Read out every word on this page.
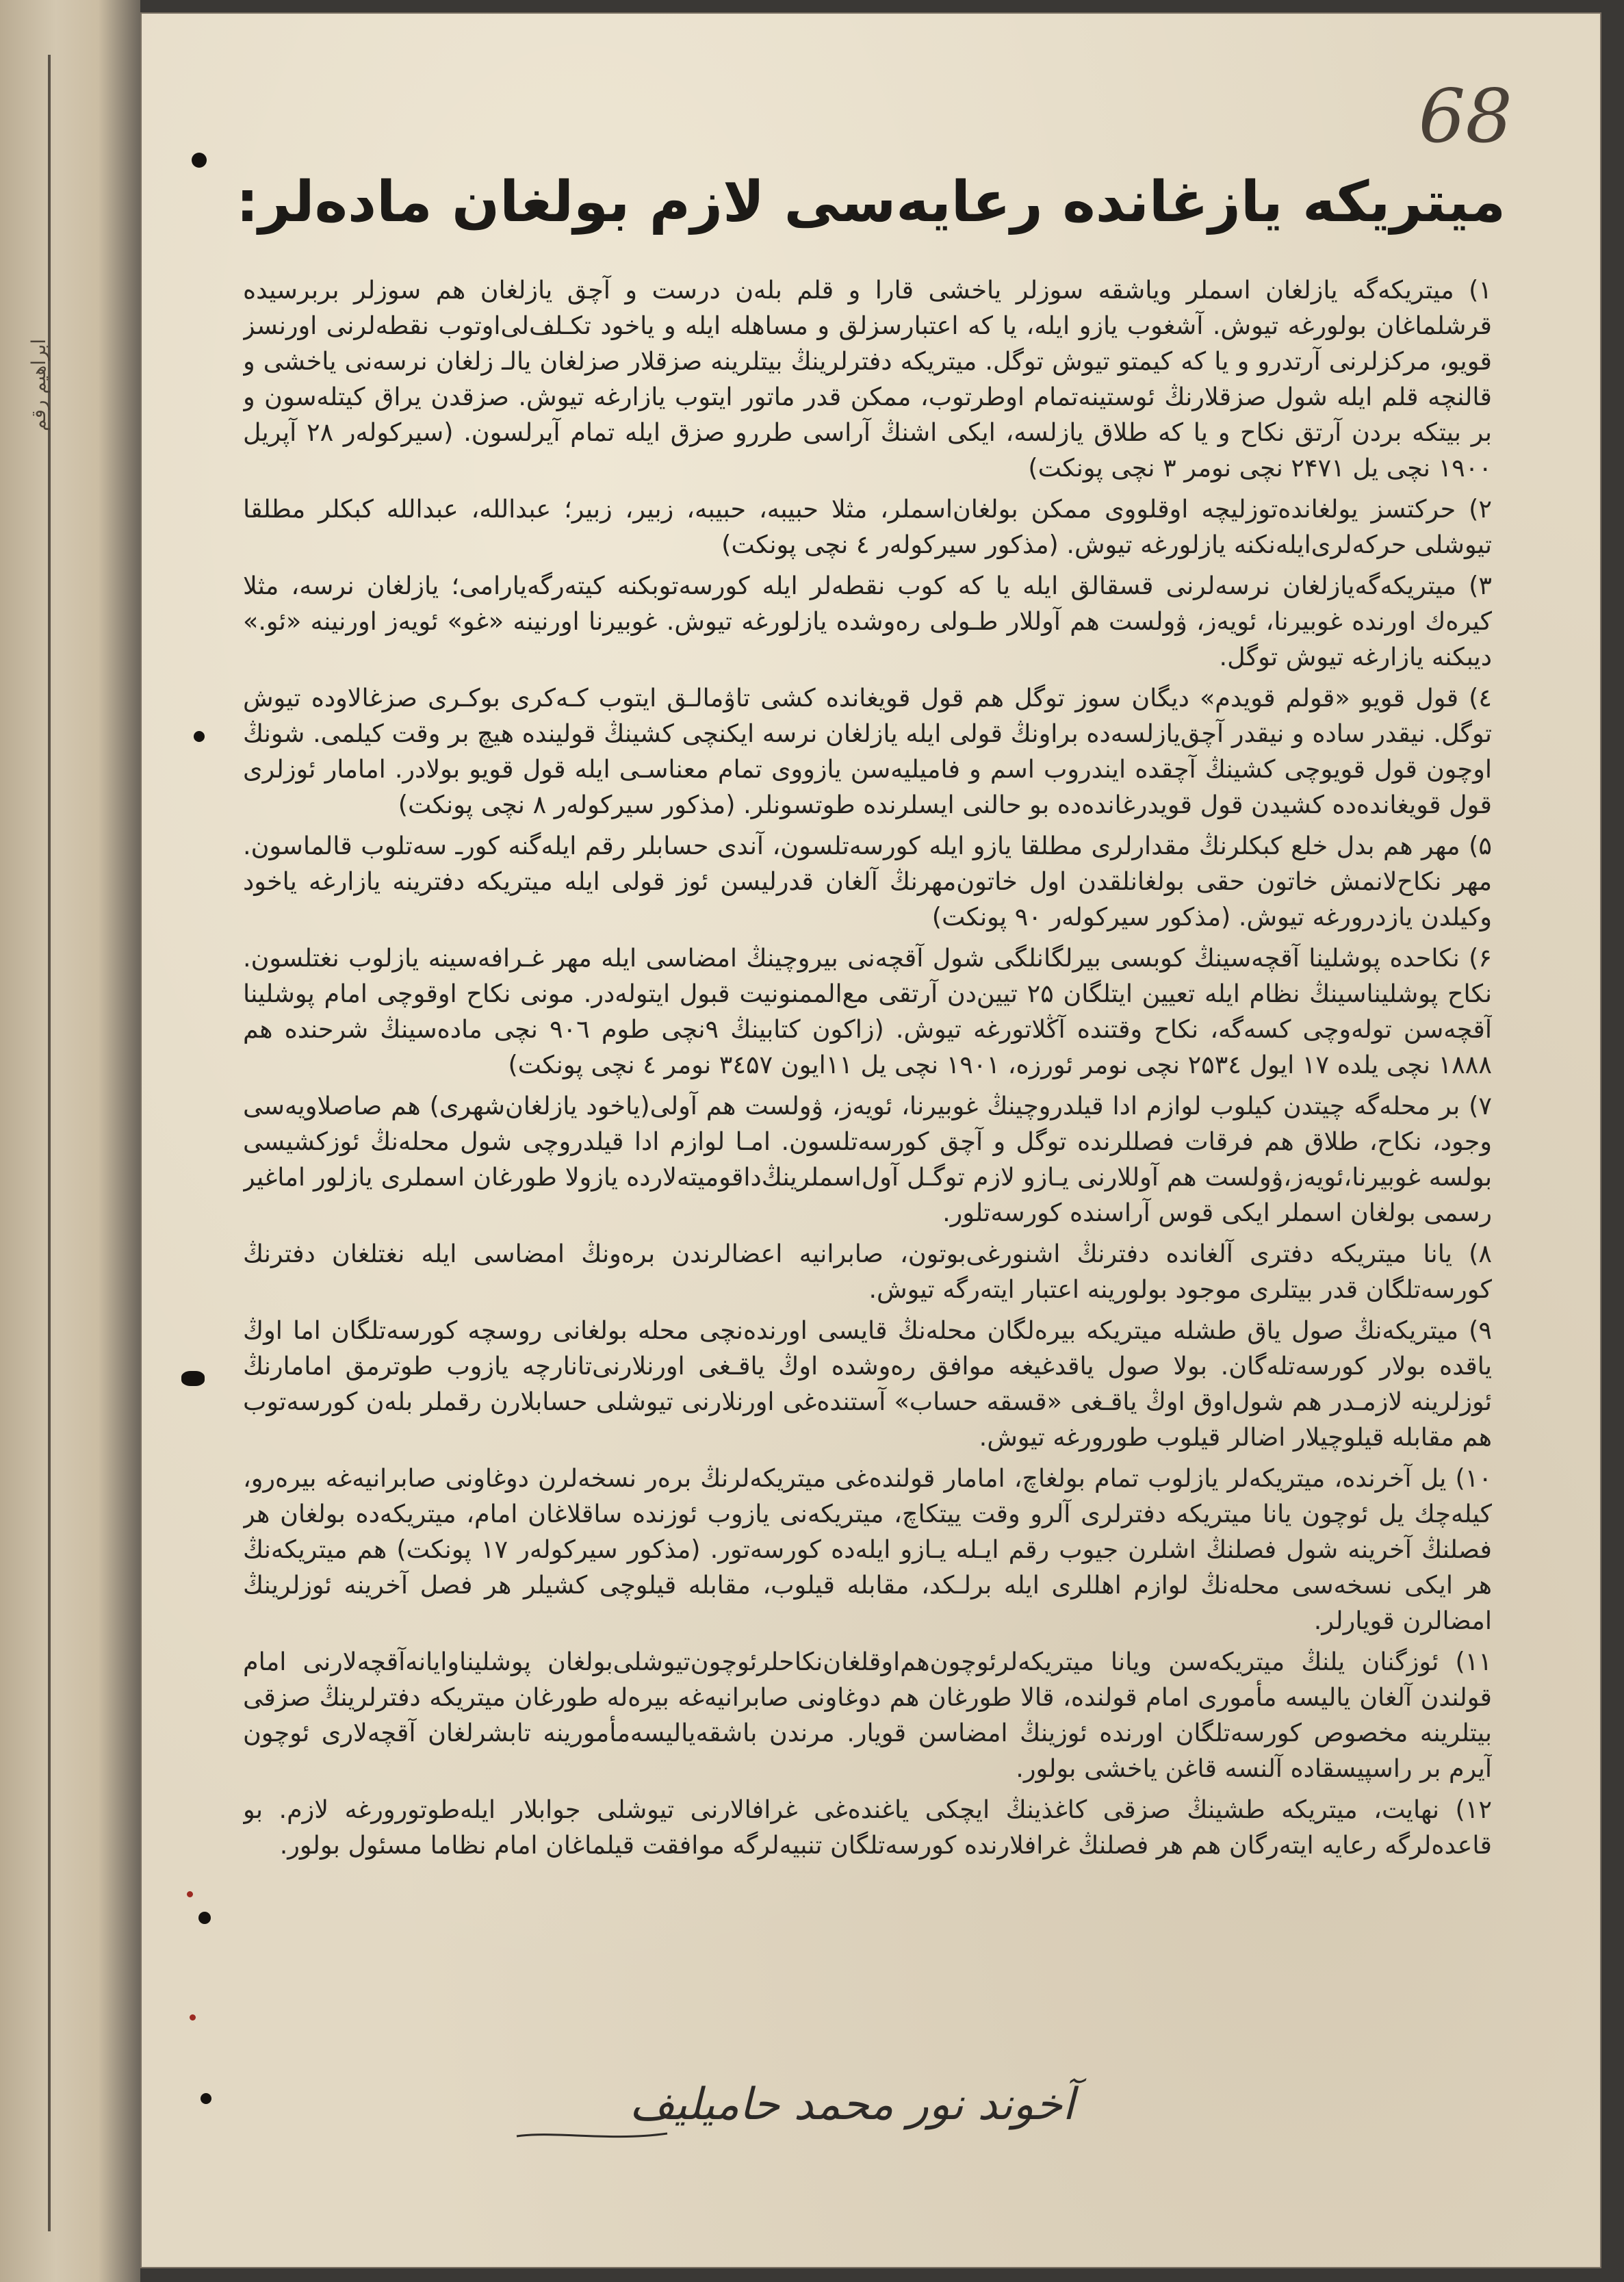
ابراهیم رقم
68
میتریکه یازغانده رعایه‌سی لازم بولغان ماده‌لر:

۱) میتریکه‌گه یازلغان اسملر ویاشقه سوزلر یاخشی قارا و قلم بله‌ن درست و آچق یازلغان هم سوزلر بر‌بر‌سیده قرشلماغان بولورغه تیوش. آشغوب یازو ایله، یا که اعتبار‌سزلق و مساهله ایله و یاخود تکـلف‌لی‌اوتوب نقطه‌لرنی اورنسز قویو، مرکزلرنی آرتدرو و یا که کیمتو تیوش توگل. میتریکه دفترلرینڭ بیتلرینه صزقلار صزلغان یالـ زلغان نرسه‌نی یاخشی و قالنچه قلم ایله شول صزقلارنڭ ئوستینه‌تمام ‌اوطرتوب، ممکن قدر ماتور ایتوب یازارغه تیوش. صزقدن یراق کیتله‌سون و بر بیتکه بردن آرتق نکاح و یا که طلاق یازلسه، ایکی اشنڭ آراسی طررو صزق ایله تمام آیرلسون. (سیرکوله‌ر ۲۸ آپریل ۱۹۰۰ نچی یل ۲۴۷۱ نچی نومر ۳ نچی پونکت)

۲) حرکتسز یولغانده‌توزلیچه اوقلووی ممکن بولغان‌اسملر، مثلا حبیبه، حبیبه، زبیر، زبیر؛ عبدالله، عبدالله کبکلر مطلقا تیوشلی حرکه‌لری‌ایله‌نکنه یازلورغه تیوش. (مذکور سیرکوله‌ر ٤ نچی پونکت)

۳) میتریکه‌گه‌یازلغان نرسه‌لرنی قسقالق ایله یا که کوب نقطه‌لر ایله کورسه‌توبکنه کیته‌رگه‌یارامی؛ یازلغان نرسه، مثلا کیرەك اورنده غوبیرنا، ئویەز، ۋولست هم آوللار طـولی رەوشدە یازلورغە تیوش. غوبیرنا اورنینە «غو» ئویەز اورنینە «ئو.» دیبکنە یازارغە تیوش توگل.

٤) قول قویو «قولم قویدم» دیگان سوز توگل هم قول قویغانده کشی تاۋمالـق ایتوب کـەکری بوکـری صزغالاودە تیوش توگل. نیقدر سادە و نیقدر آچق‌یازلسەدە براونڭ قولی ایلە یازلغان نرسە ایکنچی کشینڭ قولیندە هیچ بر وقت کیلمی. شونڭ اوچون قول قویوچی کشینڭ آچقدە ایندروب اسم و فامیلیه‌سن یازووی تمام معناسـی ایلە قول قویو بولادر. امامار ئوزلری قول قویغانده‌ده کشیدن قول قویدرغانده‌ده بو حالنی ایسلرنده طوتسونلر. (مذکور سیرکوله‌ر ۸ نچی پونکت)

۵) مهر هم بدل خلع کبکلرنڭ مقدارلری مطلقا یازو ایله کورسه‌تلسون، آندی حسابلر رقم ایله‌گنه کورـ سه‌تلوب قالماسون. مهر نکاح‌لانمش خاتون حقی بولغانلقدن اول خاتون‌مهرنڭ آلغان قدرلیسن ئوز قولی ایله میتریکه دفترینه یازارغه یاخود وکیلدن یازدرورغه تیوش. (مذکور سیرکوله‌ر ۹۰ پونکت)

۶) نکاحده پوشلینا آقچه‌سینڭ کوبسی بیرلگانلگی شول آقچه‌نی بیروچینڭ امضاسی ایله مهر غـرافه‌سینه یازلوب نغتلسون. نکاح پوشلیناسینڭ نظام ایله تعیین ایتلگان ۲۵ تیین‌دن آرتقی مع‌الممنونیت قبول ایتوله‌در. مونی نکاح اوقوچی امام پوشلینا آقچه‌سن تولەوچی کسه‌گه، نکاح وقتنده آڭلاتورغه تیوش. (زاکون کتابینڭ ۹نچی طوم ۹۰٦ نچی ماده‌سینڭ شرحنده هم ۱۸۸۸ نچی یلده ۱۷ ایول ۲۵۳٤ نچی نومر ئورزه، ۱۹۰۱ نچی یل ۱۱ایون ۳٤۵۷ نومر ٤ نچی پونکت)

۷) بر محله‌گه چیتدن کیلوب لوازم ادا قیلدروچینڭ غوبیرنا، ئویەز، ۋولست هم آولی(یاخود یازلغان‌شهری) هم صاصلاویه‌سی وجود، نکاح، طلاق هم فرقات فصللرنده توگل و آچق کورسه‌تلسون. امـا لوازم ادا قیلدروچی شول محله‌نڭ ئوزکشیسی بولسه غوبیرنا،ئویەز،ۋولست هم آوللارنی یـازو لازم توگـل آول‌اسملرینڭ‌داقومیته‌لارده یازولا طورغان اسملری یازلور اماغیر رسمی بولغان اسملر ایکی قوس آراسنده کورسه‌تلور.

۸) یا‌نا میتریکه دفتری آلغانده دفترنڭ اشنورغی‌بوتون، صابرانیه اعضالرندن برەونڭ امضاسی ایله نغتلغان دفترنڭ کورسه‌تلگان قدر بیتلری موجود بولورینه اعتبار ایته‌رگه تیوش.

۹) میتریکه‌نڭ صول یاق طشله میتریکه بیره‌لگان محله‌نڭ قایسی اورنده‌نچی محله بولغانی روسچه کورسه‌تلگان اما اوڭ یاقده بولار کورسه‌تله‌گان. بولا صول یاقدغیغه موافق رەوشده اوڭ یاقـغی اورنلارنی‌تانارچه یازوب طوترمق امامارنڭ ئوزلرینه لازمـدر هم شول‌اوق اوڭ یاقـغی «قسقه حساب» آستنده‌غی اورنلارنی تیوشلی حسابلارن رقملر بله‌ن کورسه‌توب هم مقابله قیلوچیلار اضالر قیلوب طورورغه تیوش.

۱۰) یل آخرنده، میتریکه‌لر یازلوب تمام بولغاچ، امامار قولنده‌غی میتریکه‌لرنڭ برەر نسخه‌لرن دوغاونی صابرانیه‌غه بیره‌رو، کیله‌چك یل ئوچون یا‌نا میتریکه دفترلری آلرو وقت ییتکاچ، میتریکه‌نی یازوب ئوزنده ساقلاغان امام، میتریکه‌ده بولغان هر فصلنڭ آخرینه شول فصلنڭ اشلرن جیوب رقم ایـله یـازو ایله‌ده کورسه‌تور. (مذکور سیرکوله‌ر ۱۷ پونکت) هم میتریکه‌نڭ هر ایکی نسخه‌سی محله‌نڭ لوازم اهللری ایله برلـکد، مقابله قیلوب، مقابله قیلوچی کشیلر هر فصل آخرینه ئوزلرینڭ امضالرن قویارلر.

۱۱) ئوزگنان یلنڭ میتریکه‌سن ویا‌نا میتریکه‌لرئوچون‌هم‌اوقلغان‌نکاحلرئوچون‌تیوشلی‌بولغان پوشلیناوایانه‌آقچه‌لارنی امام قولندن آلغان یالیسه مأموری امام قولنده، قالا طورغان هم دوغاونی صابرانیه‌غه بیره‌له طورغان میتریکه دفترلرینڭ صزقی بیتلرینه مخصوص کورسه‌تلگان اورنده ئوزینڭ امضاسن قویار. مرندن باشقه‌یالیسه‌مأمورینه تابشرلغان آقچه‌لاری ئوچون آیرم بر راسپیسقاده آلنسه قاغن یاخشی بولور.

۱۲) نهایت، میتریکه طشینڭ صزقی کاغذینڭ ایچکی یاغنده‌غی غرافالارنی تیوشلی جوابلار ایله‌طوتورورغه لازم. بو قاعده‌لرگه رعایه ایته‌رگان هم هر فصلنڭ غرافلارنده کورسه‌تلگان تنبیه‌لرگه موافقت قیلماغان امام نظاما مسئول بولور.

آخوند نور محمد حامیلیف
